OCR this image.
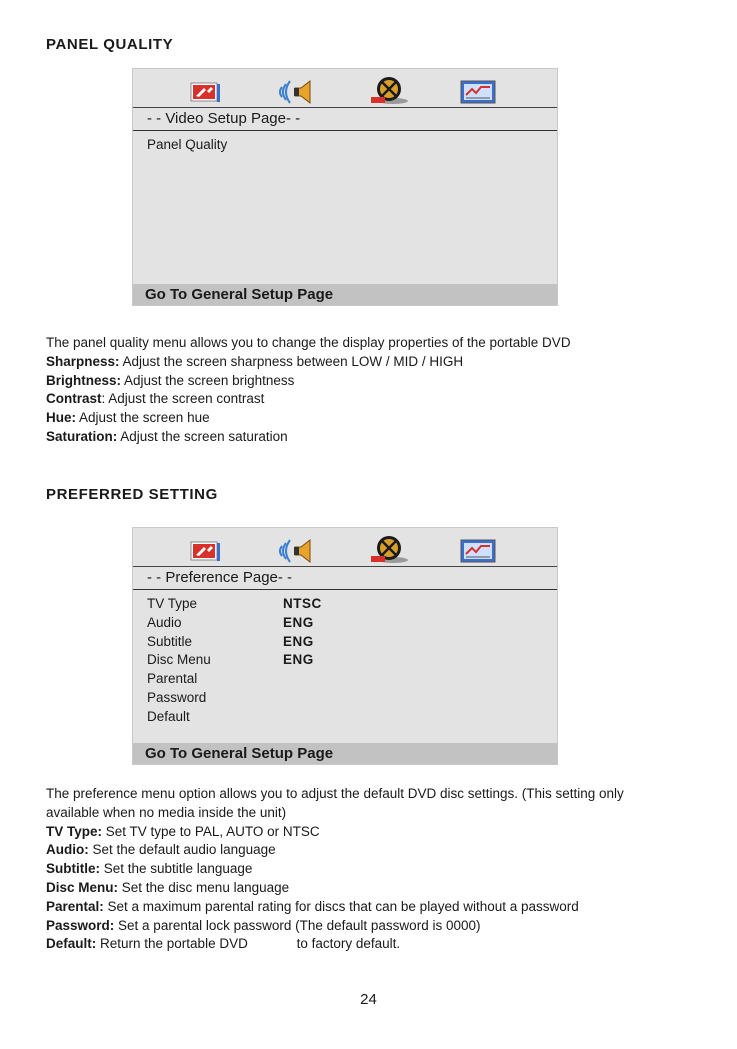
PANEL QUALITY
- - Video Setup Page- -
Panel Quality
Go To General Setup Page
The panel quality menu allows you to change the display properties of the portable DVD
Sharpness: Adjust the screen sharpness between LOW / MID / HIGH
Brightness: Adjust the screen brightness
Contrast: Adjust the screen contrast
Hue: Adjust the screen hue
Saturation: Adjust the screen saturation
PREFERRED SETTING
- - Preference Page- -
TV Type	NTSC
Audio	ENG
Subtitle	ENG
Disc Menu	ENG
Parental
Password
Default
Go To General Setup Page
The preference menu option allows you to adjust the default DVD disc settings. (This setting only
available when no media inside the unit)
TV Type: Set TV type to PAL, AUTO or NTSC
Audio: Set the default audio language
Subtitle: Set the subtitle language
Disc Menu: Set the disc menu language
Parental: Set a maximum parental rating for discs that can be played without a password
Password: Set a parental lock password (The default password is 0000)
Default: Return the portable DVD             to factory default.
24
